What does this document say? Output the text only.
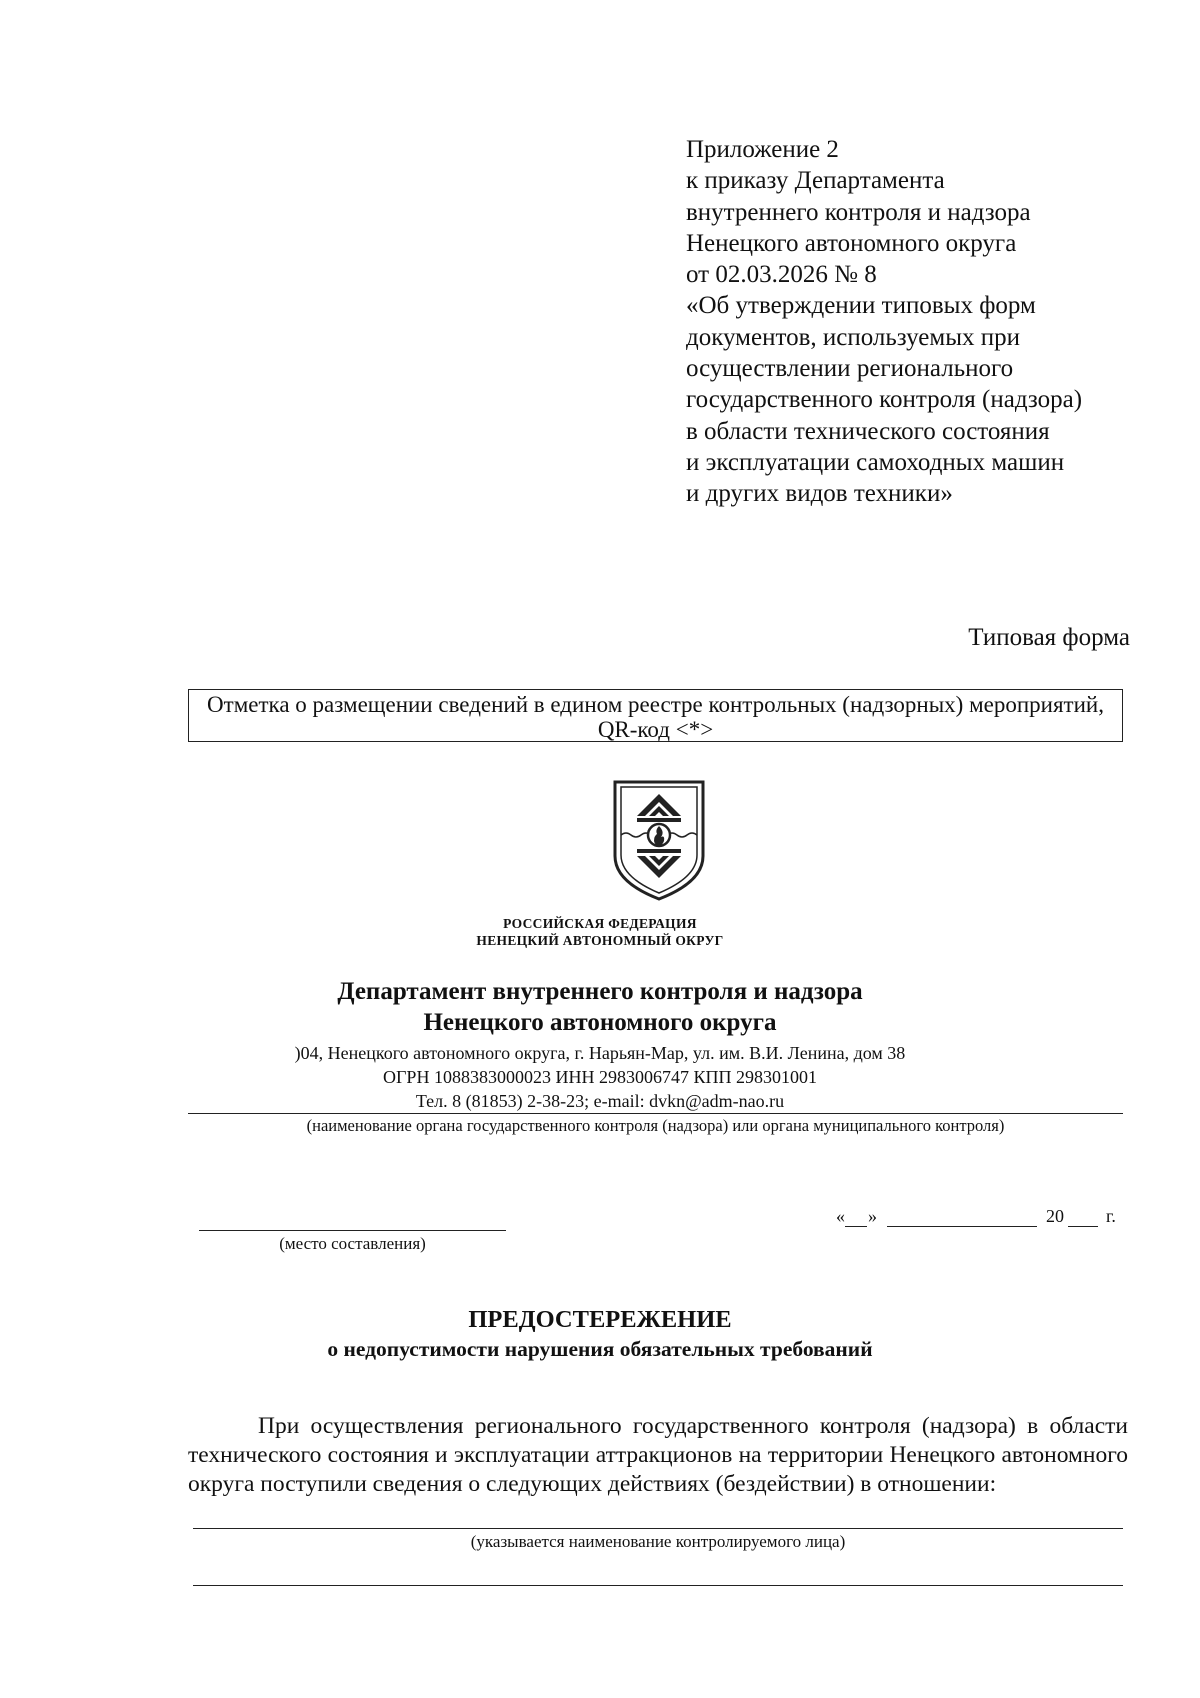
Приложение 2
к приказу Департамента
внутреннего контроля и надзора
Ненецкого автономного округа
от 02.03.2026 № 8
«Об утверждении типовых форм
документов, используемых при
осуществлении регионального
государственного контроля (надзора)
в области технического состояния
и эксплуатации самоходных машин
и других видов техники»
Типовая форма
Отметка о размещении сведений в едином реестре контрольных (надзорных) мероприятий,
QR-код <*>
РОССИЙСКАЯ ФЕДЕРАЦИЯ
НЕНЕЦКИЙ АВТОНОМНЫЙ ОКРУГ
Департамент внутреннего контроля и надзора
Ненецкого автономного округа
)04, Ненецкого автономного округа, г. Нарьян-Мар, ул. им. В.И. Ленина, дом 38
ОГРН 1088383000023 ИНН 2983006747 КПП 298301001
Тел. 8 (81853) 2-38-23; e-mail: dvkn@adm-nao.ru
(наименование органа государственного контроля (надзора) или органа муниципального контроля)
(место составления)
« »	20 г.
ПРЕДОСТЕРЕЖЕНИЕ
о недопустимости нарушения обязательных требований
При осуществления регионального государственного контроля (надзора) в области технического состояния и эксплуатации аттракционов на территории Ненецкого автономного округа поступили сведения о следующих действиях (бездействии) в отношении:
(указывается наименование контролируемого лица)
